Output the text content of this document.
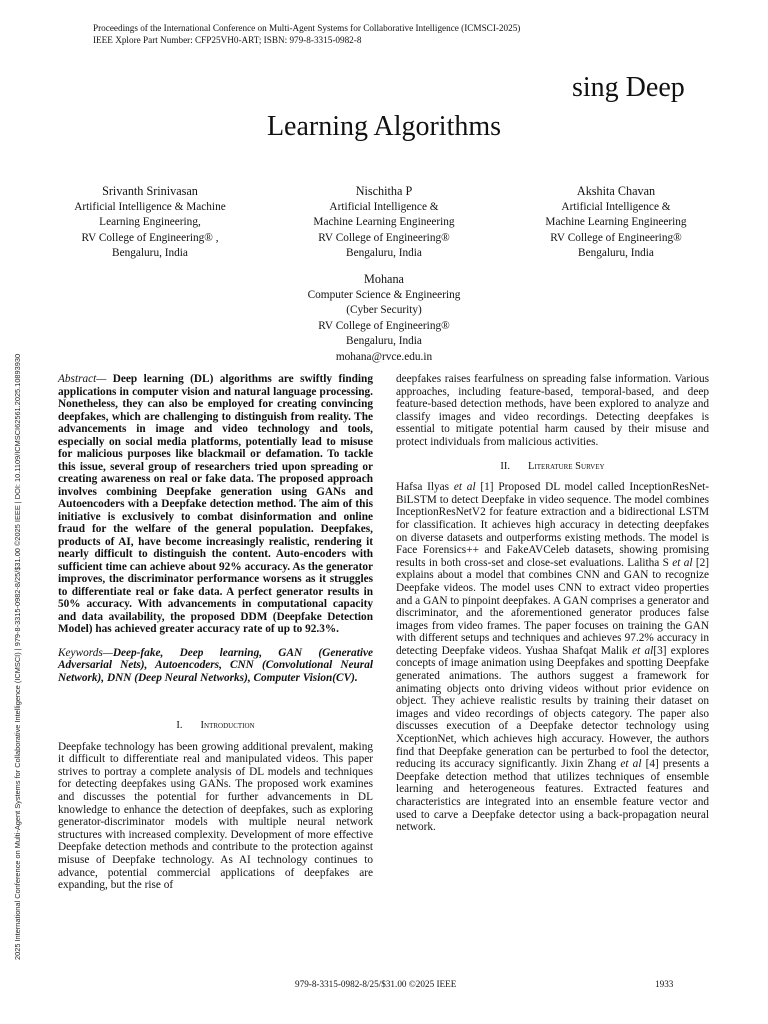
2025 International Conference on Multi-Agent Systems for Collaborative Intelligence (ICMSCI) | 979-8-3315-0982-8/25/$31.00 ©2025 IEEE | DOI: 10.1109/ICMSCI62561.2025.10893930
Proceedings of the International Conference on Multi-Agent Systems for Collaborative Intelligence (ICMSCI-2025)
IEEE Xplore Part Number: CFP25VH0-ART; ISBN: 979-8-3315-0982-8
sing Deep
Learning Algorithms
Srivanth Srinivasan
Artificial Intelligence & Machine
Learning Engineering,
RV College of Engineering® ,
Bengaluru, India
Nischitha P
Artificial Intelligence &
Machine Learning Engineering
RV College of Engineering®
Bengaluru, India
Akshita Chavan
Artificial Intelligence &
Machine Learning Engineering
RV College of Engineering®
Bengaluru, India
Mohana
Computer Science & Engineering
(Cyber Security)
RV College of Engineering®
Bengaluru, India
mohana@rvce.edu.in

Abstract— Deep learning (DL) algorithms are swiftly finding applications in computer vision and natural language processing. Nonetheless, they can also be employed for creating convincing deepfakes, which are challenging to distinguish from reality. The advancements in image and video technology and tools, especially on social media platforms, potentially lead to misuse for malicious purposes like blackmail or defamation. To tackle this issue, several group of researchers tried upon spreading or creating awareness on real or fake data. The proposed approach involves combining Deepfake generation using GANs and Autoencoders with a Deepfake detection method. The aim of this initiative is exclusively to combat disinformation and online fraud for the welfare of the general population. Deepfakes, products of AI, have become increasingly realistic, rendering it nearly difficult to distinguish the content. Auto-encoders with sufficient time can achieve about 92% accuracy. As the generator improves, the discriminator performance worsens as it struggles to differentiate real or fake data. A perfect generator results in 50% accuracy. With advancements in computational capacity and data availability, the proposed DDM (Deepfake Detection Model) has achieved greater accuracy rate of up to 92.3%.

Keywords—Deep-fake, Deep learning, GAN (Generative Adversarial Nets), Autoencoders, CNN (Convolutional Neural Network), DNN (Deep Neural Networks), Computer Vision(CV).

I. Introduction

Deepfake technology has been growing additional prevalent, making it difficult to differentiate real and manipulated videos. This paper strives to portray a complete analysis of DL models and techniques for detecting deepfakes using GANs. The proposed work examines and discusses the potential for further advancements in DL knowledge to enhance the detection of deepfakes, such as exploring generator-discriminator models with multiple neural network structures with increased complexity. Development of more effective Deepfake detection methods and contribute to the protection against misuse of Deepfake technology. As AI technology continues to advance, potential commercial applications of deepfakes are expanding, but the rise of

deepfakes raises fearfulness on spreading false information. Various approaches, including feature-based, temporal-based, and deep feature-based detection methods, have been explored to analyze and classify images and video recordings. Detecting deepfakes is essential to mitigate potential harm caused by their misuse and protect individuals from malicious activities.

II. Literature Survey

Hafsa Ilyas et al [1] Proposed DL model called InceptionResNet-BiLSTM to detect Deepfake in video sequence. The model combines InceptionResNetV2 for feature extraction and a bidirectional LSTM for classification. It achieves high accuracy in detecting deepfakes on diverse datasets and outperforms existing methods. The model is Face Forensics++ and FakeAVCeleb datasets, showing promising results in both cross-set and close-set evaluations. Lalitha S et al [2] explains about a model that combines CNN and GAN to recognize Deepfake videos. The model uses CNN to extract video properties and a GAN to pinpoint deepfakes. A GAN comprises a generator and discriminator, and the aforementioned generator produces false images from video frames. The paper focuses on training the GAN with different setups and techniques and achieves 97.2% accuracy in detecting Deepfake videos. Yushaa Shafqat Malik et al[3] explores concepts of image animation using Deepfakes and spotting Deepfake generated animations. The authors suggest a framework for animating objects onto driving videos without prior evidence on object. They achieve realistic results by training their dataset on images and video recordings of objects category. The paper also discusses execution of a Deepfake detector technology using XceptionNet, which achieves high accuracy. However, the authors find that Deepfake generation can be perturbed to fool the detector, reducing its accuracy significantly. Jixin Zhang et al [4] presents a Deepfake detection method that utilizes techniques of ensemble learning and heterogeneous features. Extracted features and characteristics are integrated into an ensemble feature vector and used to carve a Deepfake detector using a back-propagation neural network.

979-8-3315-0982-8/25/$31.00 ©2025 IEEE	1933
